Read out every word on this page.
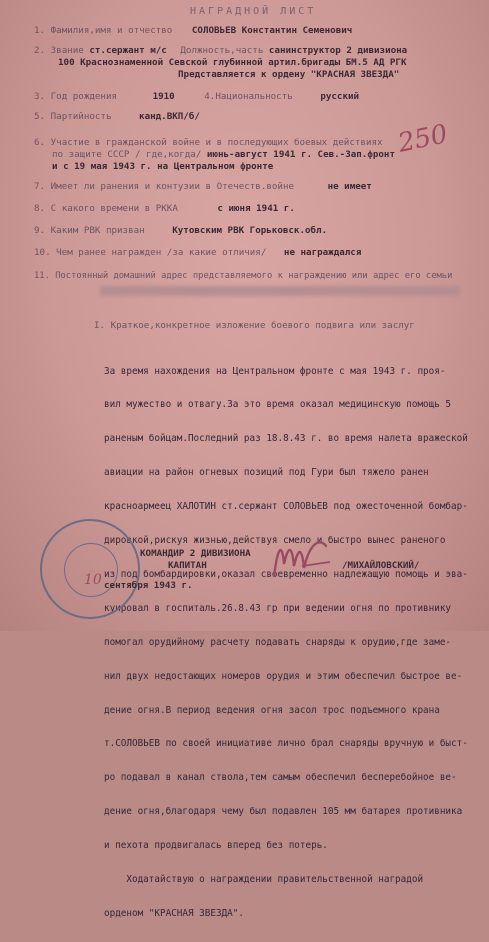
НАГРАДНОЙ ЛИСТ
1. Фамилия,имя и отчество СОЛОВЬЕВ Константин Семенович
2. Звание ст.сержант м/с Должность,часть санинструктор 2 дивизиона
100 Краснознаменной Севской глубинной артил.бригады БМ.5 АД РГК
Представляется к ордену "КРАСНАЯ ЗВЕЗДА"
3. Год рождения	1910	4.Национальность	русский
5. Партийность	канд.ВКП/б/
250
6. Участие в гражданской войне и в последующих боевых действиях
по защите СССР / где,когда/ июнь-август 1941 г. Сев.-Зап.фронт
и с 19 мая 1943 г. на Центральном фронте
7. Имеет ли ранения и контузии в Отечеств.войне	не имеет
8. С какого времени в РККА	с июня 1941 г.
9. Каким РВК призван	Кутовским РВК Горьковск.обл.
10. Чем ранее награжден /за какие отличия/ не награждался
11. Постоянный домашний адрес представляемого к награждению или адрес его семьи
I. Краткое,конкретное изложение боевого подвига или заслуг

За время нахождения на Центральном фронте с мая 1943 г. проя-

вил мужество и отвагу.За это время оказал медицинскую помощь 5

раненым бойцам.Последний раз 18.8.43 г. во время налета вражеской

авиации на район огневых позиций под Гури был тяжело ранен

красноармеец ХАЛОТИН ст.сержант СОЛОВЬЕВ под ожесточенной бомбар-

дировкой,рискуя жизнью,действуя смело и быстро вынес раненого

из под бомбардировки,оказал своевременно надлежащую помощь и эва-

куировал в госпиталь.26.8.43 гр при ведении огня по противнику

помогал орудийному расчету подавать снаряды к орудию,где заме-

нил двух недостающих номеров орудия и этим обеспечил быстрое ве-

дение огня.В период ведения огня засол трос подъемного крана

т.СОЛОВЬЕВ по своей инициативе лично брал снаряды вручную и быст-

ро подавал в канал ствола,тем самым обеспечил бесперебойное ве-

дение огня,благодаря чему был подавлен 105 мм батарея противника

и пехота продвигалась вперед без потерь.

Ходатайствую о награждении правительственной наградой

орденом "КРАСНАЯ ЗВЕЗДА".

КОМАНДИР 2 ДИВИЗИОНА
КАПИТАН	/МИХАЙЛОВСКИЙ/
10 сентября 1943 г.
